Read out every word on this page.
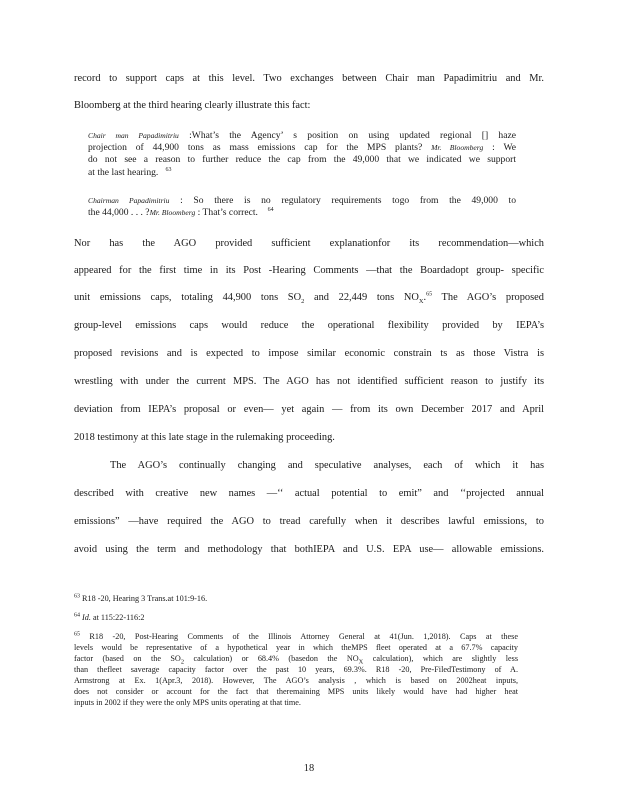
record to support caps at this level. Two exchanges between Chair man Papadimitriu and Mr.
Bloomberg at the third hearing clearly illustrate this fact:
Chair man Papadimitriu :What’s the Agency’ s position on using updated regional [] haze
projection of 44,900 tons as mass emissions cap for the MPS plants? Mr. Bloomberg : We
do not see a reason to further reduce the cap from the 49,000 that we indicated we support
at the last hearing. $^{63}$
Chairman Papadimitriu : So there is no regulatory requirements togo from the 49,000 to
the 44,000 . . . ?Mr. Bloomberg : That’s correct. $^{64}$
Nor has the AGO provided sufficient explanationfor its recommendation—which
appeared for the first time in its Post -Hearing Comments —that the Boardadopt group- specific
unit emissions caps, totaling 44,900 tons $SO_2$ and 22,449 tons $NO_X.^{65}$ The AGO’s proposed
group-level emissions caps would reduce the operational flexibility provided by IEPA’s
proposed revisions and is expected to impose similar economic constrain ts as those Vistra is
wrestling with under the current MPS. The AGO has not identified sufficient reason to justify its
deviation from IEPA’s proposal or even— yet again — from its own December 2017 and April
2018 testimony at this late stage in the rulemaking proceeding.
The AGO’s continually changing and speculative analyses, each of which it has
described with creative new names —‘‘ actual potential to emit” and ‘‘projected annual
emissions” —have required the AGO to tread carefully when it describes lawful emissions, to
avoid using the term and methodology that bothIEPA and U.S. EPA use— allowable emissions.
$^{63}$ R18 -20, Hearing 3 Trans.at 101:9-16.
$^{64}$ Id. at 115:22-116:2
$^{65}$ R18 -20, Post-Hearing Comments of the Illinois Attorney General at 41(Jun. 1,2018). Caps at these
levels would be representative of a hypothetical year in which theMPS fleet operated at a 67.7% capacity
factor (based on the $SO_2$ calculation) or 68.4% (basedon the $NO_X$ calculation), which are slightly less
than thefleet saverage capacity factor over the past 10 years, 69.3%. R18 -20, Pre-FiledTestimony of A.
Armstrong at Ex. 1(Apr.3, 2018). However, The AGO’s analysis , which is based on 2002heat inputs,
does not consider or account for the fact that theremaining MPS units likely would have had higher heat
inputs in 2002 if they were the only MPS units operating at that time.
18
